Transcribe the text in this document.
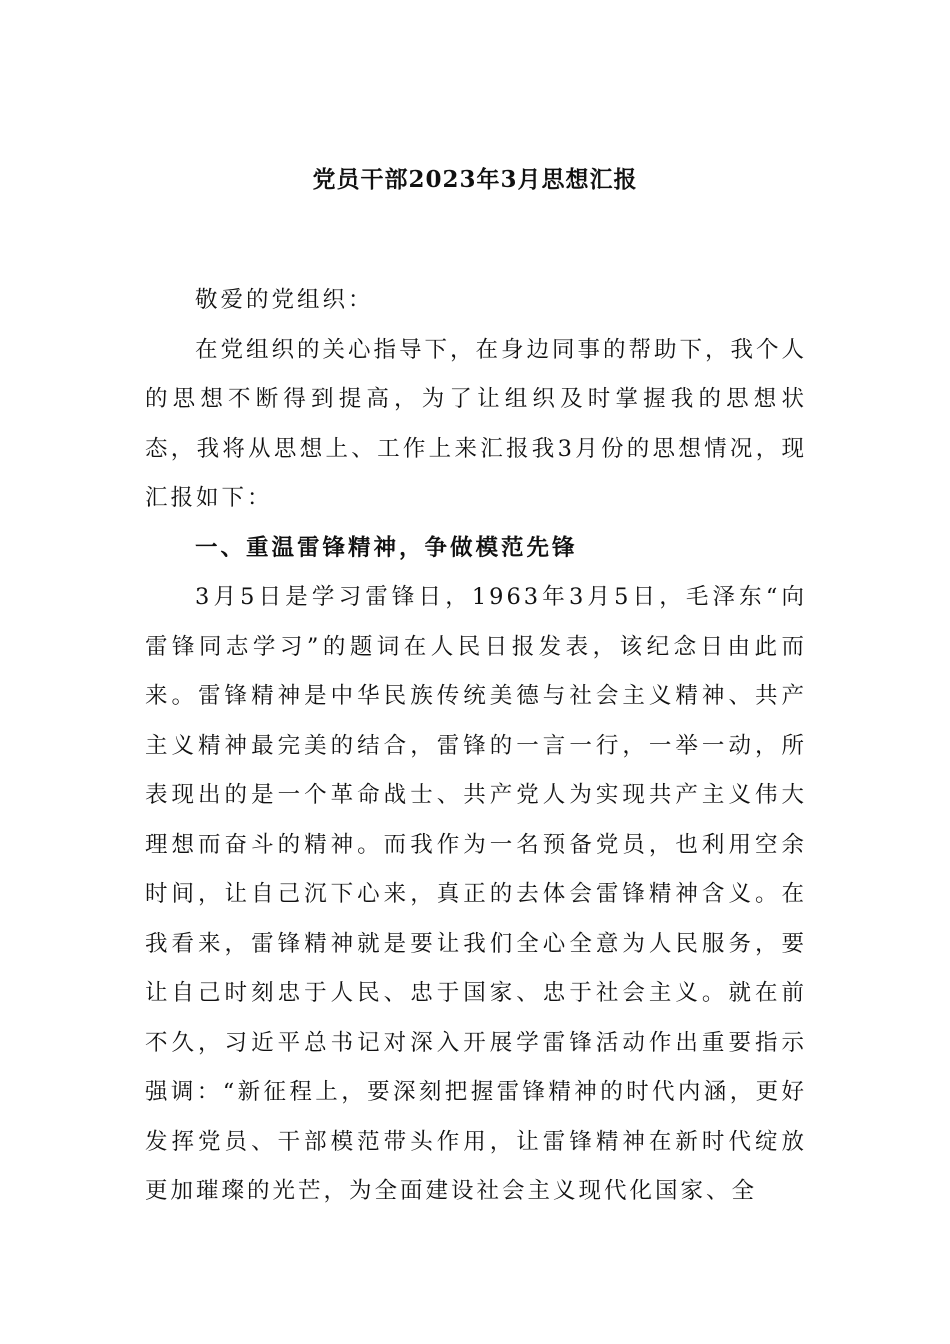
党员干部2023年3月思想汇报

敬爱的党组织：

在党组织的关心指导下，在身边同事的帮助下，我个人的思想不断得到提高，为了让组织及时掌握我的思想状态，我将从思想上、工作上来汇报我3月份的思想情况，现汇报如下：

一、重温雷锋精神，争做模范先锋

3月5日是学习雷锋日，1963年3月5日，毛泽东“向雷锋同志学习”的题词在人民日报发表，该纪念日由此而来。雷锋精神是中华民族传统美德与社会主义精神、共产主义精神最完美的结合，雷锋的一言一行，一举一动，所表现出的是一个革命战士、共产党人为实现共产主义伟大理想而奋斗的精神。而我作为一名预备党员，也利用空余时间，让自己沉下心来，真正的去体会雷锋精神含义。在我看来，雷锋精神就是要让我们全心全意为人民服务，要让自己时刻忠于人民、忠于国家、忠于社会主义。就在前不久，习近平总书记对深入开展学雷锋活动作出重要指示强调：“新征程上，要深刻把握雷锋精神的时代内涵，更好发挥党员、干部模范带头作用，让雷锋精神在新时代绽放更加璀璨的光芒，为全面建设社会主义现代化国家、全
